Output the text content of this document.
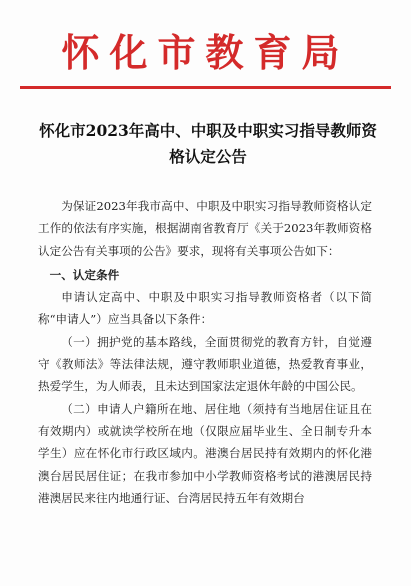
怀化市教育局
怀化市2023年高中、中职及中职实习指导教师资格认定公告

为保证2023年我市高中、中职及中职实习指导教师资格认定工作的依法有序实施，根据湖南省教育厅《关于2023年教师资格认定公告有关事项的公告》要求，现将有关事项公告如下：

一、认定条件

申请认定高中、中职及中职实习指导教师资格者（以下简称“申请人”）应当具备以下条件：

（一）拥护党的基本路线，全面贯彻党的教育方针，自觉遵守《教师法》等法律法规，遵守教师职业道德，热爱教育事业，热爱学生，为人师表，且未达到国家法定退休年龄的中国公民。

（二）申请人户籍所在地、居住地（须持有当地居住证且在有效期内）或就读学校所在地（仅限应届毕业生、全日制专升本学生）应在怀化市行政区域内。港澳台居民持有效期内的怀化港澳台居民居住证；在我市参加中小学教师资格考试的港澳居民持港澳居民来往内地通行证、台湾居民持五年有效期台
